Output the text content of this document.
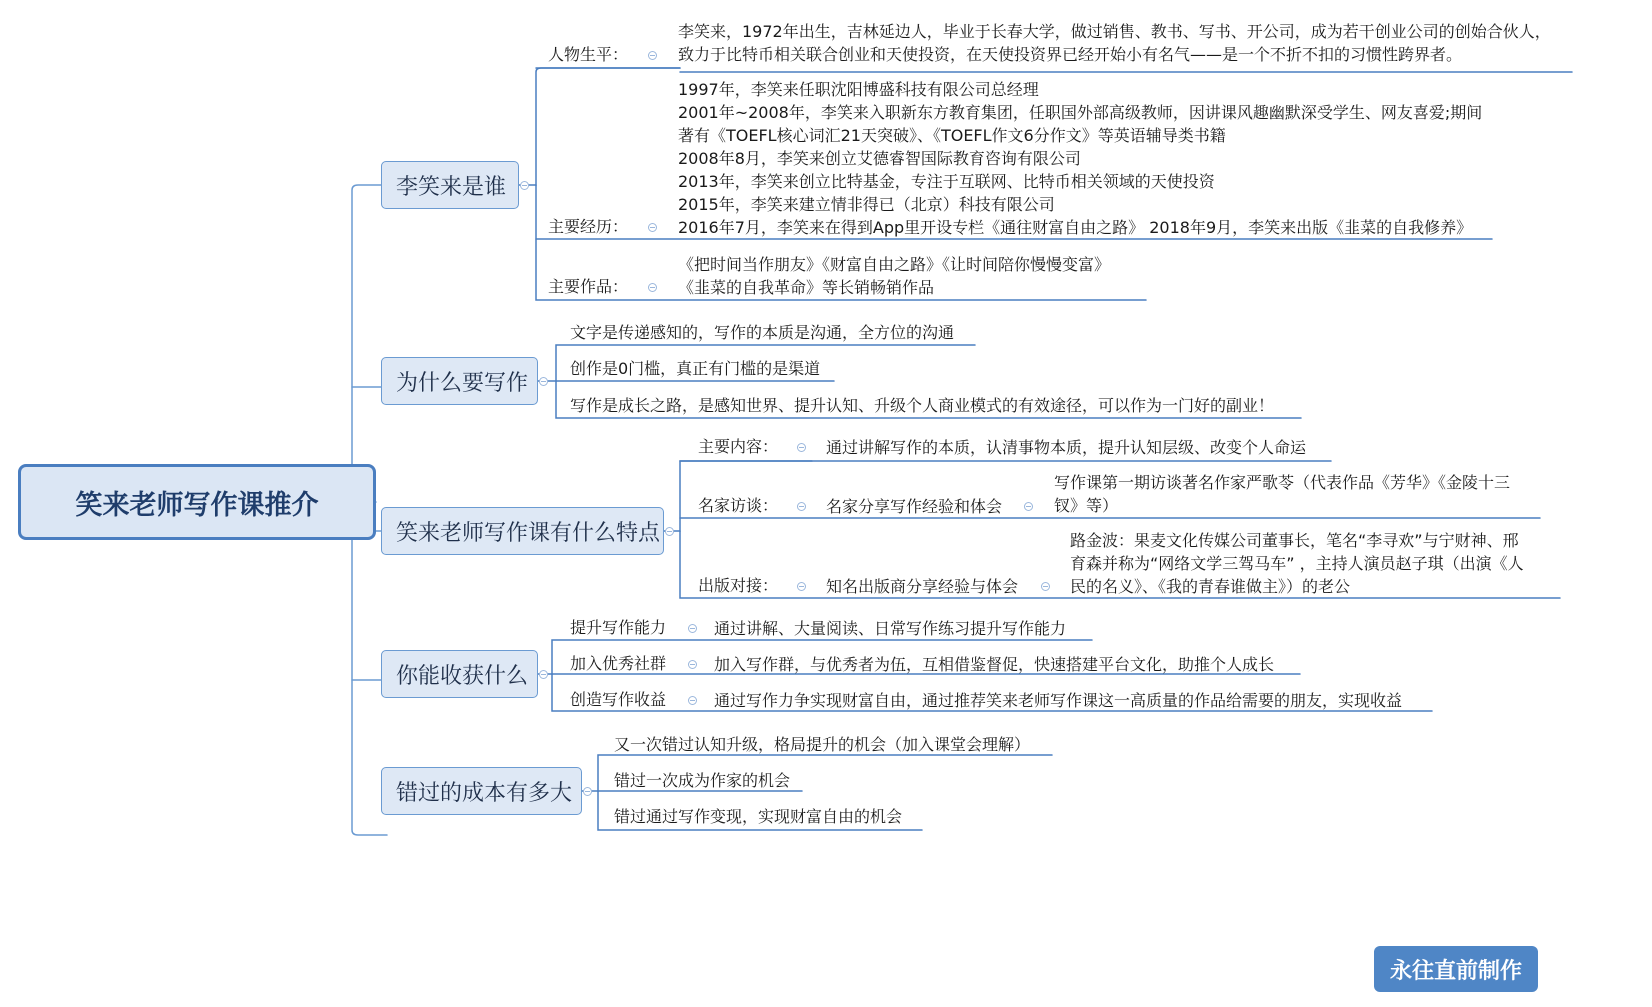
笑来老师写作课推介
李笑来是谁
为什么要写作
笑来老师写作课有什么特点
你能收获什么
错过的成本有多大
人物生平：
李笑来，1972年出生，吉林延边人，毕业于长春大学，做过销售、教书、写书、开公司，成为若干创业公司的创始合伙人，
致力于比特币相关联合创业和天使投资，在天使投资界已经开始小有名气——是一个不折不扣的习惯性跨界者。
1997年，李笑来任职沈阳博盛科技有限公司总经理
2001年~2008年，李笑来入职新东方教育集团，任职国外部高级教师，因讲课风趣幽默深受学生、网友喜爱;期间
著有《TOEFL核心词汇21天突破》、《TOEFL作文6分作文》等英语辅导类书籍
2008年8月，李笑来创立艾德睿智国际教育咨询有限公司
2013年，李笑来创立比特基金，专注于互联网、比特币相关领域的天使投资
2015年，李笑来建立情非得已（北京）科技有限公司
2016年7月，李笑来在得到App里开设专栏《通往财富自由之路》 2018年9月，李笑来出版《韭菜的自我修养》
主要经历：
《把时间当作朋友》《财富自由之路》《让时间陪你慢慢变富》
《韭菜的自我革命》等长销畅销作品
主要作品：
文字是传递感知的，写作的本质是沟通，全方位的沟通
创作是0门槛，真正有门槛的是渠道
写作是成长之路，是感知世界、提升认知、升级个人商业模式的有效途径，可以作为一门好的副业！
主要内容：	通过讲解写作的本质，认清事物本质，提升认知层级、改变个人命运
名家访谈：	名家分享写作经验和体会
写作课第一期访谈著名作家严歌苓（代表作品《芳华》《金陵十三
钗》等）
出版对接：	知名出版商分享经验与体会
路金波：果麦文化传媒公司董事长，笔名“李寻欢”与宁财神、邢
育森并称为“网络文学三驾马车” ，主持人演员赵子琪（出演《人
民的名义》、《我的青春谁做主》）的老公
提升写作能力	通过讲解、大量阅读、日常写作练习提升写作能力
加入优秀社群	加入写作群，与优秀者为伍，互相借鉴督促，快速搭建平台文化，助推个人成长
创造写作收益	通过写作力争实现财富自由，通过推荐笑来老师写作课这一高质量的作品给需要的朋友，实现收益
又一次错过认知升级，格局提升的机会（加入课堂会理解）
错过一次成为作家的机会
错过通过写作变现，实现财富自由的机会
永往直前制作
